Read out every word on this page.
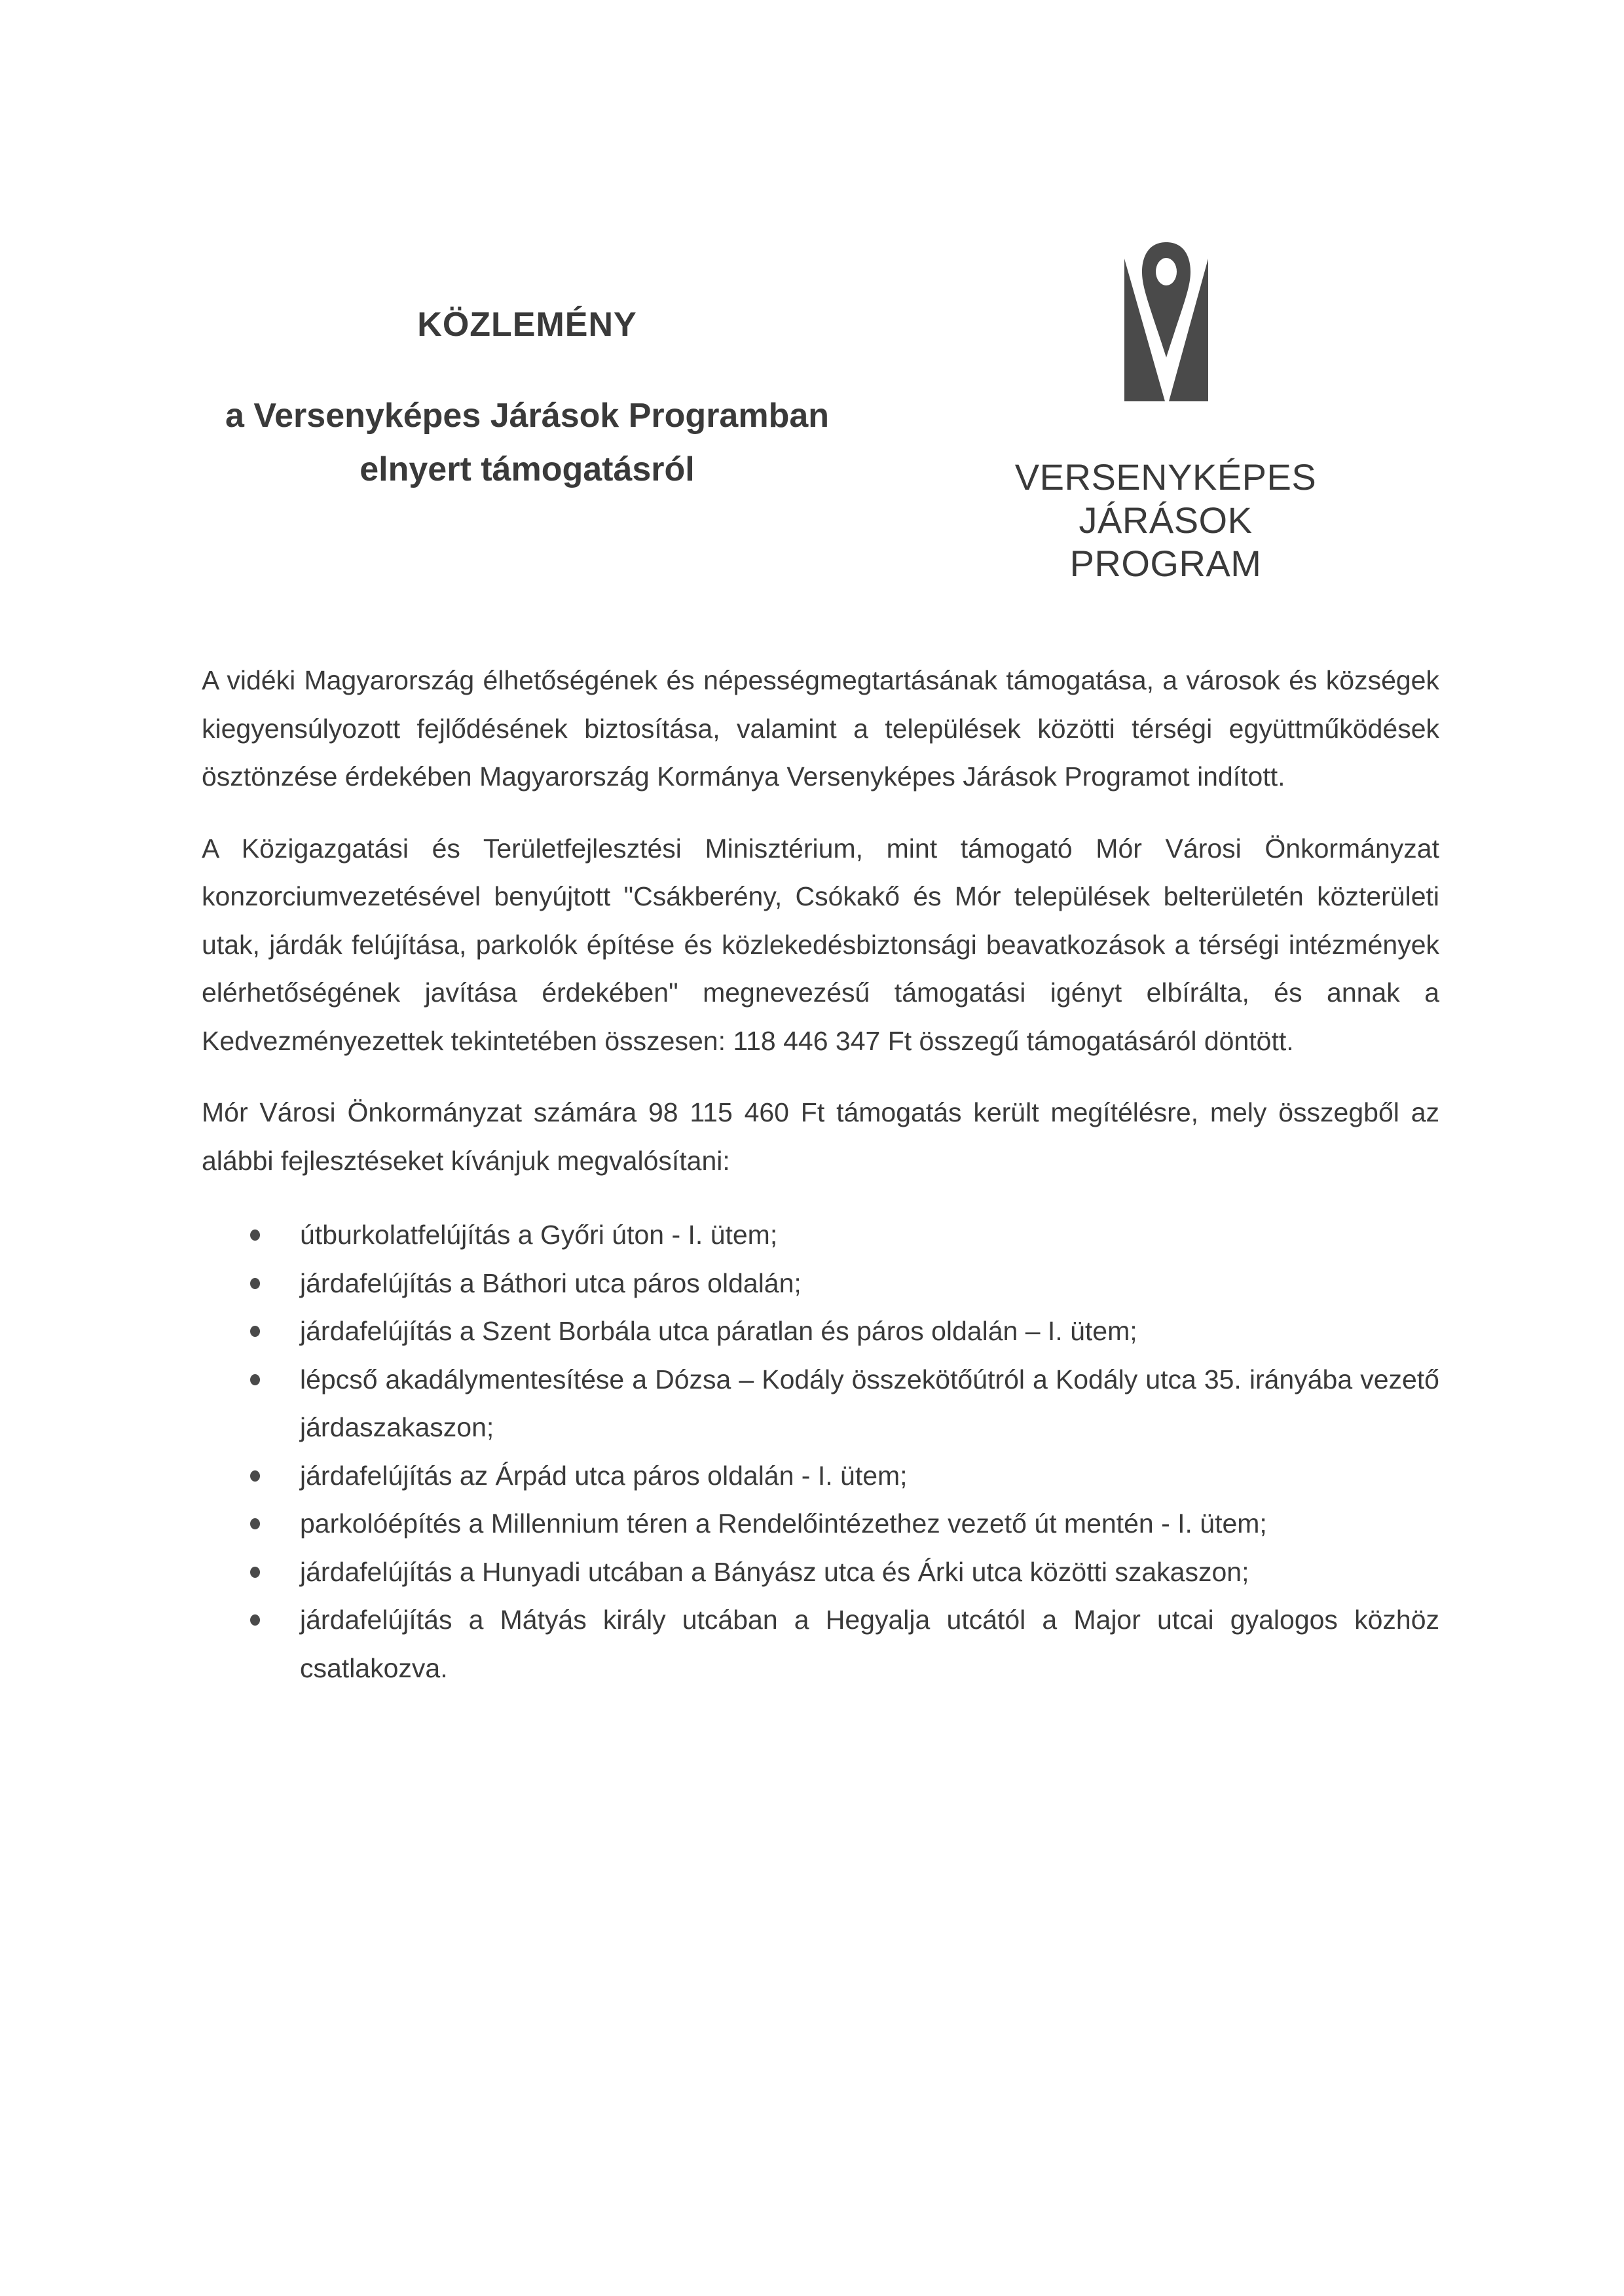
KÖZLEMÉNY
a Versenyképes Járások Programban
elnyert támogatásról	VERSENYKÉPES JÁRÁSOK
PROGRAM

A vidéki Magyarország élhetőségének és népességmegtartásának támogatása, a városok és községek kiegyensúlyozott fejlődésének biztosítása, valamint a települések közötti térségi együttműködések ösztönzése érdekében Magyarország Kormánya Versenyképes Járások Programot indított.

A Közigazgatási és Területfejlesztési Minisztérium, mint támogató Mór Városi Önkormányzat konzorciumvezetésével benyújtott "Csákberény, Csókakő és Mór települések belterületén közterületi utak, járdák felújítása, parkolók építése és közlekedésbiztonsági beavatkozások a térségi intézmények elérhetőségének javítása érdekében" megnevezésű támogatási igényt elbírálta, és annak a Kedvezményezettek tekintetében összesen: 118 446 347 Ft összegű támogatásáról döntött.

Mór Városi Önkormányzat számára 98 115 460 Ft támogatás került megítélésre, mely összegből az alábbi fejlesztéseket kívánjuk megvalósítani:

útburkolatfelújítás a Győri úton - I. ütem;
járdafelújítás a Báthori utca páros oldalán;
járdafelújítás a Szent Borbála utca páratlan és páros oldalán – I. ütem;
lépcső akadálymentesítése a Dózsa – Kodály összekötőútról a Kodály utca 35. irányába vezető járdaszakaszon;
járdafelújítás az Árpád utca páros oldalán - I. ütem;
parkolóépítés a Millennium téren a Rendelőintézethez vezető út mentén - I. ütem;
járdafelújítás a Hunyadi utcában a Bányász utca és Árki utca közötti szakaszon;
járdafelújítás a Mátyás király utcában a Hegyalja utcától a Major utcai gyalogos közhöz csatlakozva.
